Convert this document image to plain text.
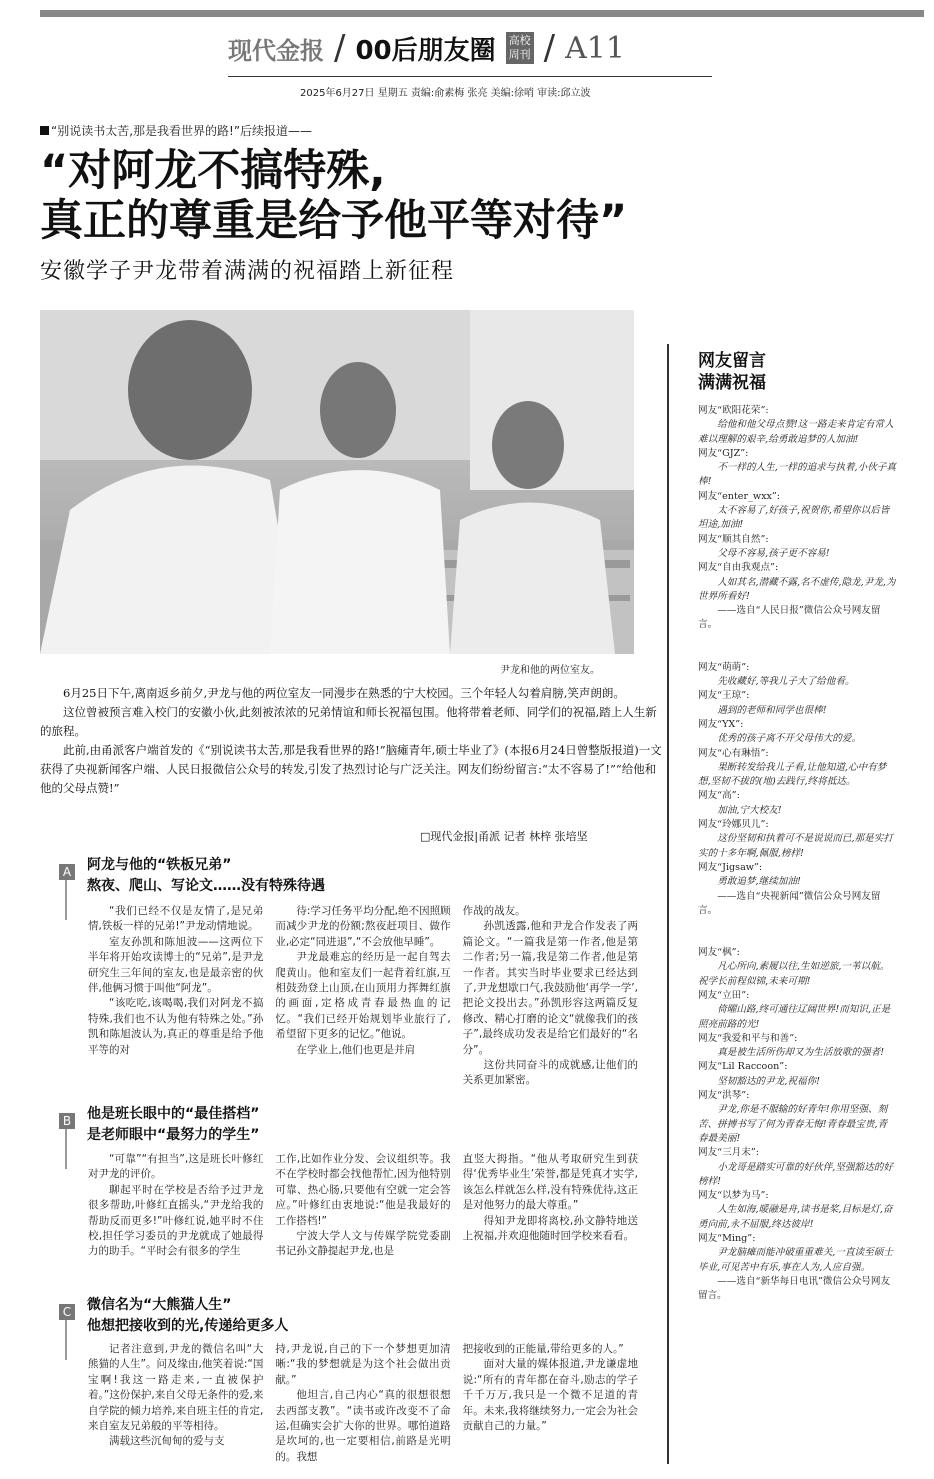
现代金报 / 00后朋友圈 高校周刊 / A11
2025年6月27日 星期五 责编:俞素梅 张亮 美编:徐哨 审读:邱立波
“别说读书太苦,那是我看世界的路!”后续报道——
“对阿龙不搞特殊,
真正的尊重是给予他平等对待”
安徽学子尹龙带着满满的祝福踏上新征程
尹龙和他的两位室友。

6月25日下午,离南返乡前夕,尹龙与他的两位室友一同漫步在熟悉的宁大校园。三个年轻人勾着肩膀,笑声朗朗。

这位曾被预言难入校门的安徽小伙,此刻被浓浓的兄弟情谊和师长祝福包围。他将带着老师、同学们的祝福,踏上人生新的旅程。

此前,由甬派客户端首发的《“别说读书太苦,那是我看世界的路!”脑瘫青年,硕士毕业了》(本报6月24日曾整版报道)一文获得了央视新闻客户端、人民日报微信公众号的转发,引发了热烈讨论与广泛关注。网友们纷纷留言:“太不容易了!”“给他和他的父母点赞!”

□现代金报|甬派 记者 林梓 张培坚
A 阿龙与他的“铁板兄弟”
熬夜、爬山、写论文……没有特殊待遇

“我们已经不仅是友情了,是兄弟情,铁板一样的兄弟!”尹龙动情地说。

室友孙凯和陈旭波——这两位下半年将开始攻读博士的“兄弟”,是尹龙研究生三年间的室友,也是最亲密的伙伴,他俩习惯于叫他“阿龙”。

“该吃吃,该喝喝,我们对阿龙不搞特殊,我们也不认为他有特殊之处。”孙凯和陈旭波认为,真正的尊重是给予他平等的对

待:学习任务平均分配,绝不因照顾而减少尹龙的份额;熬夜赶项目、做作业,必定“同进退”,“不会放他早睡”。

尹龙最难忘的经历是一起自驾去爬黄山。他和室友们一起背着红旗,互相鼓劲登上山顶,在山顶用力挥舞红旗的画面,定格成青春最热血的记忆。“我们已经开始规划毕业旅行了,希望留下更多的记忆。”他说。

在学业上,他们也更是并肩

作战的战友。

孙凯透露,他和尹龙合作发表了两篇论文。“一篇我是第一作者,他是第二作者;另一篇,我是第二作者,他是第一作者。其实当时毕业要求已经达到了,尹龙想歇口气,我鼓励他‘再学一学’,把论文投出去。”孙凯形容这两篇反复修改、精心打磨的论文“就像我们的孩子”,最终成功发表是给它们最好的“名分”。

这份共同奋斗的成就感,让他们的关系更加紧密。

B 他是班长眼中的“最佳搭档”
是老师眼中“最努力的学生”

“可靠”“有担当”,这是班长叶修红对尹龙的评价。

聊起平时在学校是否给予过尹龙很多帮助,叶修红直摇头,“尹龙给我的帮助反而更多!”叶修红说,她平时不住校,担任学习委员的尹龙就成了她最得力的助手。“平时会有很多的学生

工作,比如作业分发、会议组织等。我不在学校时都会找他帮忙,因为他特别可靠、热心肠,只要他有空就一定会答应。”叶修红由衷地说:“他是我最好的工作搭档!”

宁波大学人文与传媒学院党委副书记孙文静提起尹龙,也是

直竖大拇指。“他从考取研究生到获得‘优秀毕业生’荣誉,都是凭真才实学,该怎么样就怎么样,没有特殊优待,这正是对他努力的最大尊重。”

得知尹龙即将离校,孙文静特地送上祝福,并欢迎他随时回学校来看看。

C 微信名为“大熊猫人生”
他想把接收到的光,传递给更多人

记者注意到,尹龙的微信名叫“大熊猫的人生”。问及缘由,他笑着说:“国宝啊!我这一路走来,一直被保护着。”这份保护,来自父母无条件的爱,来自学院的倾力培养,来自班主任的肯定,来自室友兄弟般的平等相待。

满载这些沉甸甸的爱与支

持,尹龙说,自己的下一个梦想更加清晰:“我的梦想就是为这个社会做出贡献。”

他坦言,自己内心“真的很想很想去西部支教”。“读书或许改变不了命运,但确实会扩大你的世界。哪怕道路是坎坷的,也一定要相信,前路是光明的。我想

把接收到的正能量,带给更多的人。”

面对大量的媒体报道,尹龙谦虚地说:“所有的青年都在奋斗,励志的学子千千万万,我只是一个微不足道的青年。未来,我将继续努力,一定会为社会贡献自己的力量。”

网友留言
满满祝福
网友“欧阳花荣”:
给他和他父母点赞!这一路走来肯定有常人难以理解的艰辛,给勇敢追梦的人加油!
网友“GJZ”:
不一样的人生,一样的追求与执着,小伙子真棒!
网友“enter_wxx”:
太不容易了,好孩子,祝贺你,希望你以后皆坦途,加油!
网友“顺其自然”:
父母不容易,孩子更不容易!
网友“自由我观点”:
人如其名,潜藏不露,名不虚传,隐龙,尹龙,为世界所看好!
——选自“人民日报”微信公众号网友留言。
网友“萌萌”:
先收藏好,等我儿子大了给他看。
网友“王琼”:
遇到的老师和同学也很棒!
网友“YX”:
优秀的孩子离不开父母伟大的爱。
网友“心有琳悟”:
果断转发给我儿子看,让他知道,心中有梦想,坚韧不拔的(地)去践行,终将抵达。
网友“高”:
加油,宁大校友!
网友“玲娜贝儿”:
这份坚韧和执着可不是说说而已,那是实打实的十多年啊,佩服,榜样!
网友“Jigsaw”:
勇敢追梦,继续加油!
——选自“央视新闻”微信公众号网友留言。
网友“枫”:
凡心所向,素履以往,生如逆旅,一苇以航。祝学长前程似锦,未来可期!
网友“立田”:
倚曜山路,终可通往辽阔世界!而知识,正是照亮前路的光!
网友“我爱和平与和善”:
真是被生活所伤却又为生活放歌的强者!
网友“Lil Raccoon”:
坚韧豁达的尹龙,祝福你!
网友“洪琴”:
尹龙,你是不服输的好青年!你用坚强、刻苦、拼搏书写了何为青春无悔!青春最宝贵,青春最美丽!
网友“三月末”:
小龙哥是踏实可靠的好伙伴,坚强豁达的好榜样!
网友“以梦为马”:
人生如海,暖融是舟,读书是桨,目标是灯,奋勇向前,永不屈服,终达彼岸!
网友“Ming”:
尹龙脑瘫而能冲破重重难关,一直读至硕士毕业,可见苦中有乐,事在人为,人应自强。
——选自“新华每日电讯”微信公众号网友留言。
